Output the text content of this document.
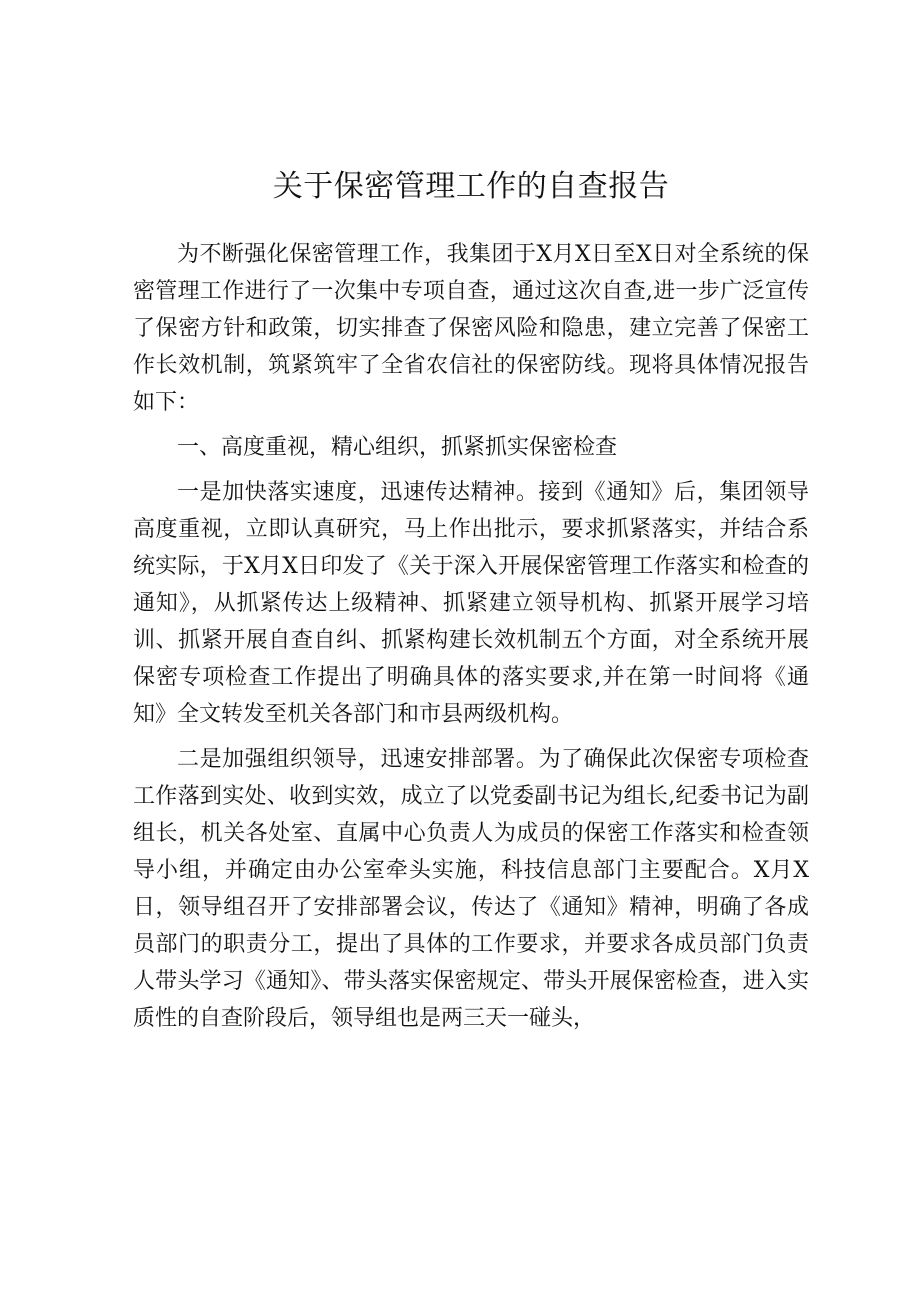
关于保密管理工作的自查报告

为不断强化保密管理工作，我集团于X月X日至X日对全系统的保密管理工作进行了一次集中专项自查，通过这次自查,进一步广泛宣传了保密方针和政策，切实排查了保密风险和隐患，建立完善了保密工作长效机制，筑紧筑牢了全省农信社的保密防线。现将具体情况报告如下：

一、高度重视，精心组织，抓紧抓实保密检查

一是加快落实速度，迅速传达精神。接到《通知》后，集团领导高度重视，立即认真研究，马上作出批示，要求抓紧落实，并结合系统实际，于X月X日印发了《关于深入开展保密管理工作落实和检查的通知》，从抓紧传达上级精神、抓紧建立领导机构、抓紧开展学习培训、抓紧开展自查自纠、抓紧构建长效机制五个方面，对全系统开展保密专项检查工作提出了明确具体的落实要求,并在第一时间将《通知》全文转发至机关各部门和市县两级机构。

二是加强组织领导，迅速安排部署。为了确保此次保密专项检查工作落到实处、收到实效，成立了以党委副书记为组长,纪委书记为副组长，机关各处室、直属中心负责人为成员的保密工作落实和检查领导小组，并确定由办公室牵头实施，科技信息部门主要配合。X月X日，领导组召开了安排部署会议，传达了《通知》精神，明确了各成员部门的职责分工，提出了具体的工作要求，并要求各成员部门负责人带头学习《通知》、带头落实保密规定、带头开展保密检查，进入实质性的自查阶段后，领导组也是两三天一碰头，
